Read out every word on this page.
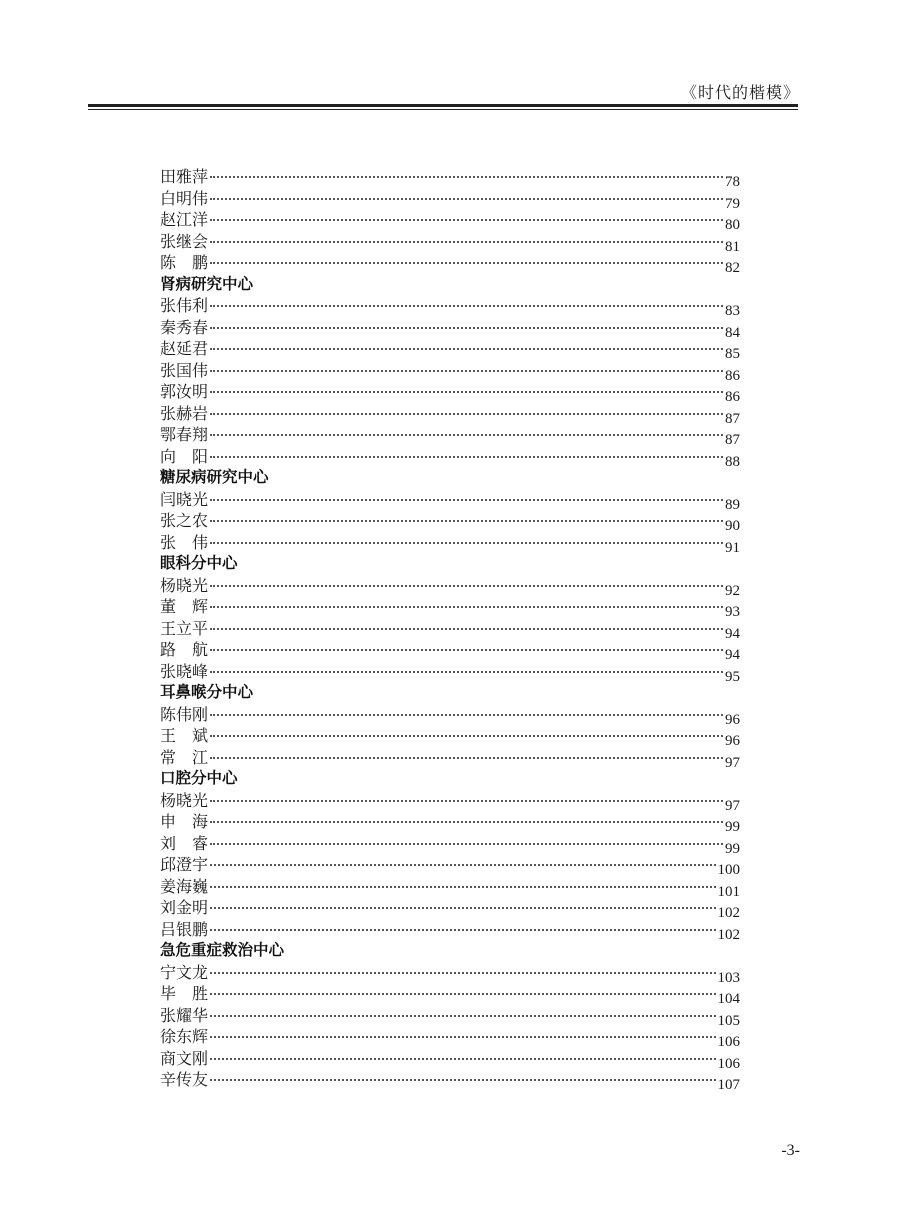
《时代的楷模》
田雅萍	78
白明伟	79
赵江洋	80
张继会	81
陈　鹏	82
肾病研究中心
张伟利	83
秦秀春	84
赵延君	85
张国伟	86
郭汝明	86
张赫岩	87
鄂春翔	87
向　阳	88
糖尿病研究中心
闫晓光	89
张之农	90
张　伟	91
眼科分中心
杨晓光	92
董　辉	93
王立平	94
路　航	94
张晓峰	95
耳鼻喉分中心
陈伟刚	96
王　斌	96
常　江	97
口腔分中心
杨晓光	97
申　海	99
刘　睿	99
邱澄宇	100
姜海巍	101
刘金明	102
吕银鹏	102
急危重症救治中心
宁文龙	103
毕　胜	104
张耀华	105
徐东辉	106
商文刚	106
辛传友	107
-3-
